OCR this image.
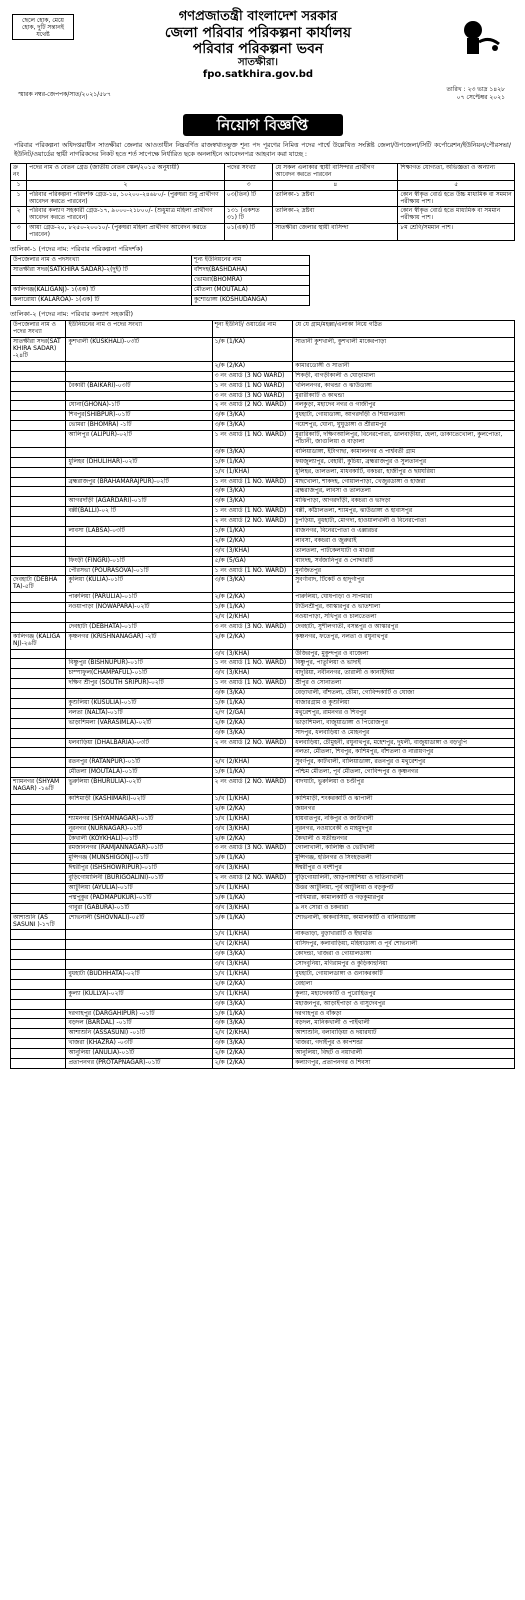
ছেলে হোক, মেয়ে হোক, দুটি সন্তানই যথেষ্ট
গণপ্রজাতন্ত্রী বাংলাদেশ সরকার
জেলা পরিবার পরিকল্পনা কার্যালয়
পরিবার পরিকল্পনা ভবন
সাতক্ষীরা।
fpo.satkhira.gov.bd
স্মারক নম্বর-জেপপক/সাত/২০২১/৫৮৭
তারিখ : ২৩ ভাদ্র ১৪২৮
০৭ সেপ্টেম্বর ২০২১
নিয়োগ বিজ্ঞপ্তি
পরিবার পরিকল্পনা অধিদপ্তরাধীন সাতক্ষীরা জেলার আওতাধীন নিম্নবর্ণিত রাজস্বখাতভুক্ত শূন্য পদ পূরণের নিমিত্ত পদের পার্শ্বে উল্লেখিত সংশ্লিষ্ট জেলা/উপজেলা/সিটি কর্পোরেশন/ইউনিয়ন/পৌরসভা/ইউনিট/ওয়ার্ডের স্থায়ী নাগরিকদের নিকট হতে শর্ত সাপেক্ষে নির্ধারিত ছকে অনলাইনে আবেদনপত্র আহবান করা যাচ্ছে :
ক্র নং	পদের নাম ও বেতন গ্রেড (জাতীয় বেতন স্কেল/২০১৫ অনুযায়ী)	পদের সংখ্যা	যে সকল এলাকার স্থায়ী বাসিন্দার প্রার্থীগণ আবেদন করতে পারবেন	শিক্ষাগত যোগ্যতা, অভিজ্ঞতা ও অন্যান্য
১	২	৩	৪	৫
১	পরিবার পরিকল্পনা পরিদর্শক গ্রেড-১৪, ১০২০০-২৪৬৮০/- (পুরুষরা শুধু প্রার্থীগণ আবেদন করতে পারবেন)	০৩(তিন) টি	তালিকা-১ দ্রষ্টব্য	কোন স্বীকৃত বোর্ড হতে উচ্চ মাধ্যমিক বা সমমান পরীক্ষায় পাশ।
২	পরিবার কল্যাণ সহকারী গ্রেড-১৭, ৯০০০-২১৮০০/- (শুধুমাত্র মহিলা প্রার্থীগণ আবেদন করতে পারবেন)	১৩১ (একশত ৩১) টি	তালিকা-২ দ্রষ্টব্য	কোন স্বীকৃত বোর্ড হতে মাধ্যমিক বা সমমান পরীক্ষায় পাশ।
৩	আয়া গ্রেড-২০, ৮২৫০-২০০১০/- (পুরুষরা মহিলা প্রার্থীগণ আবেদন করতে পারবেন)	০১(এক) টি	সাতক্ষীরা জেলার স্থায়ী বাসিন্দা	৮ম শ্রেণি/সমমান পাশ।
তালিকা-১ (পদের নাম: পরিবার পরিকল্পনা পরিদর্শক)
উপজেলার নাম ও পদসংখ্যা	শূন্য ইউনিয়নের নাম
সাতক্ষীরা সদর(SATKHIRA SADAR)-২(দুই) টি	বাঁশদহ(BASHDAHA)
	ভোমরা(BHOMRA)
কালিগঞ্জ(KALIGANJ)- ১(এক) টি	মৌতলা (MOUTALA)
কলারোয়া (KALAROA)- ১(এক) টি	কুশোডাঙ্গা (KOSHUDANGA)
তালিকা-২ (পদের নাম: পরিবার কল্যাণ সহকারী)
উপজেলার নাম ও পদের সংখ্যা	ইউনিয়নের নাম ও পদের সংখ্যা	শূন্য ইউনিট/ ওয়ার্ডের নাম	যে যে গ্রাম/মহল্লা/এলাকা নিয়ে গঠিত
সাতক্ষীরা সদর(SAT KHIRA SADAR) -২৪টি	কুশখালী (KUSKHALI)-০৩টি	১/ক (1/KA)	সাতানী কুশখালী, কুশখালী মাকেরপাড়া
		২/ক (2/KA)	কামারডোঙ্গী ও সাতানী
		৩ নং ওয়ার্ড (3 NO WARD)	শিকড়ী, বাগড়ীকালী ও ঘোড়ামালা
	বৈকারী (BAIKARI)-০৩টি	১ নং ওয়ার্ড (1 NO WARD)	খলিলনগর, কাথন্ডা ও ঝাউডাঙ্গা
		৩ নং ওয়ার্ড (3 NO WARD)	মুরারীকাটি ও কাথন্ডা
	ঘোনা(GHONA)-১টি	২ নং ওয়ার্ড (2 NO. WARD)	নলকুড়া, মহাদেব নগর ও গাজীপুর
	শিবপুর(SHIBPUR)-০১টি	৩/ক (3/KA)	বুধহাটা, গোয়াডাঙ্গা, আগরদাঁড়ী ও শিয়ালডাঙ্গা
	ভোমরা (BHOMRA) -১টি	৩/ক (3/KA)	গয়েশপুর, ঘোনা, ঘুঘুডাঙ্গা ও শ্রীরামপুর
	আলিপুর (ALIPUR)-০২টি	১ নং ওয়ার্ড (1 NO. WARD)	মুরারিকাটি, দক্ষিণআলিপুর, বিনেরপোতা, ডালবাড়ীয়া, হেলা, ডাকাতেখোলা, কুলপোতা, পাঁচানী, জাগুলিয়া ও বাড়ালা
		৩/ক (3/KA)	বালিয়াডাঙ্গা, ইটাগাছা, কামালনগর ও পার্শ্ববর্তী গ্রাম
	ধুলিহর (DHULIHAR)-০২টি	১/ক (1/KA)	ফয়জুল্যাপুর, বেহারী, কুচিয়া, ব্রহ্মরাজপুর ও সুলতানপুর
		১/খ (1/KHA)	ধুলিহর, তালতলা, মাধবকাটি, বকচরা, হাজীপুর ও ছয়ঘরিয়া
	ব্রহ্মরাজপুর (BRAHAMARAJPUR)-০২টি	১ নং ওয়ার্ড (1 NO. WARD)	মাছখোলা, শাকদহ, গোয়ালপাড়া, খেজুরডাঙ্গা ও হাজরা
		৩/ক (3/KA)	ব্রহ্মরাজপুর, লাবসা ও তালতলা
	আগরদাঁড়ী (AGARDARI)-০১টি	৩/ক (3/KA)	মাঝিপাড়া, আগরদাঁড়ী, বকচরা ও ভাদড়া
	বল্লী(BALLI)-০২ টি	১ নং ওয়ার্ড (1 NO. WARD)	বল্লী, কাঁঠালতলা, শ্যামপুর, ঝাউডাঙ্গা ও হাবাসপুর
		২ নং ওয়ার্ড (2 NO. WARD)	চুপড়িয়া, বুধহাটা, মোগদা, হাওয়ালখালী ও বিনেরপোতা
	লাবসা (LABSA)-০৩টি	১/ক (1/KA)	রাজনগর, বিনেরপোতা ও এল্লারচর
		২/ক (2/KA)	লাবসা, বকচরা ও জুরুরাই
		৩/খ (3/KHA)	তালতলা, পাটকেলঘাটা ও মাগুরা
	ফিংড়ী (FINGRI)-০১টি	৫/ক (5/GA)	ব্যাংদহ, সর্বজানিপুর ও পোদ্দারটি
	পৌরসভা (POURASOVA)-০১টি	১ নং ওয়ার্ড (1 NO. WARD)	মুনজিতপুর
দেবহাটা (DEBHA TA)-৫টি	কুলিয়া (KULIA)-০১টি	৩/ক (3/KA)	সুবর্ণাবাদ, টিকেট ও হাদুর্গাপুর
	পারুলিয়া (PARULIA)-০১টি	২/ক (2/KA)	পারুলিয়া, ঘোষপাড়া ও সাপমারা
	নওয়াপাড়া (NOWAPARA)-০২টি	১/ক (1/KA)	টাউনশ্রীপুর, আস্কারপুর ও ভাতশালা
		২/খ (2/KHA)	নওয়াপাড়া, সখিপুর ও চালতেতলা
	দেবহাটা (DEBHATA)-০১টি	৩ নং ওয়ার্ড (3 NO. WARD)	দেবহাটা, সুশীলগাতী, বসন্তপুর ও আস্কারপুর
কালিগঞ্জ (KALIGA NJ)-২৬টি	কৃষ্ণনগর (KRISHNANAGAR) -২টি	২/ক (2/KA)	কৃষ্ণনগর, ফতেপুর, নলতা ও রঘুনাথপুর
		৩/খ (3/KHA)	উজিরপুর, মুকুন্দপুর ও বাজেলা
	বিষ্ণুপুর (BISHNUPUR)-০১টি	১ নং ওয়ার্ড (1 NO. WARD)	বিষ্ণুপুর, পাতুলিয়া ও ভাদাই
	চাম্পাফুল(CHAMPAFUL)-০১টি	৩/খ (3/KHA)	বাদুরিয়া, নবীননগর, তারালী ও কানাইদিয়া
	দক্ষিণ শ্রীপুর (SOUTH SRIPUR)-০২টি	১ নং ওয়ার্ড (1 NO. WARD)	শ্রীপুর ও সোনাতলা
		৩/ক (3/KA)	বেড়াখালী, বাঁশতলা, চৌমা, গোবিন্দকাটি ও ঘোজা
	কুশুলিয়া (KUSULIA)-০১টি	১/ক (1/KA)	বাজারগ্রাম ও কুশুলিয়া
	নলতা (NALTA)-০১টি	২/গ (2/GA)	মথুরেশপুর, রামনগর ও শিবপুর
	ভাড়াশিমলা (VARASIMLA)-০২টি	২/ক (2/KA)	ভাড়াশিমলা, বাজুয়াডাঙ্গা ও পিরোজপুর
		৩/ক (3/KA)	সাদপুর, ধলবাড়িয়া ও মোহনপুর
	ধলবাড়িয়া (DHALBARIA)-০৩টি	২ নং ওয়ার্ড (2 NO. WARD)	ধলবাড়িয়া, চৌমুহনী, রঘুনাথপুর, মহেশপুর, দুধলী, বাজুয়াডাঙ্গা ও বড়খুপি
			নলতা, মৌতলা, শিবপুর, কাশিমপুর, বাঁশতলা ও নারায়ণপুর
	রতনপুর (RATANPUR)-০১টি	২/খ (2/KHA)	সুবর্ণপুর, কাটখালী, বালিয়াডাঙ্গা, রতনপুর ও মথুরেশপুর
	মৌতলা (MOUTALA)-০১টি	১/ক (1/KA)	পশ্চিম মৌতলা, পূর্ব মৌতলা, গোবিন্দপুর ও কৃষ্ণনগর
শ্যামনগর (SHYAM NAGAR) -১৬টি	ভুরুলিয়া (BHURULIA)-০২টি	২ নং ওয়ার্ড (2 NO. WARD)	বাদঘাটা, ভুরুলিয়া ও চণ্ডীপুর
	কাশিমাড়ী (KASHIMARI)-০২টি	১/খ (1/KHA)	কাশিমাড়ী, শংকরকাটি ও ঝাপালী
		২/ক (2/KA)	জয়নগর
	শ্যামনগর (SHYAMNAGAR)-০১টি	১/খ (1/KHA)	হায়বাতপুর, নকিপুর ও জাউখালী
	নূরনগর (NURNAGAR)-০১টি	৩/খ (3/KHA)	নূরনগর, নওয়াবেকী ও মাহমুদপুর
	কৈখালী (KOYKHALI)-০১টি	২/ক (2/KA)	কৈখালী ও যতীন্দ্রনগর
	রমজাননগর (RAMJANNAGAR)-০১টি	৩ নং ওয়ার্ড (3 NO. WARD)	গোলাখালী, কালিঞ্চি ও ভেটখালী
	মুন্সিগঞ্জ (MUNSHIGONJ)-০১টি	১/ক (1/KA)	মুন্সিগঞ্জ, হরিনগর ও সিংহড়তলী
	ঈশ্বরীপুর (ISHSHOWRIPUR)-০১টি	৩/খ (3/KHA)	ঈশ্বরীপুর ও বংশীপুর
	বুড়িগোয়ালিনী (BURIGOALINI)-০১টি	২ নং ওয়ার্ড (2 NO. WARD)	বুড়িগোয়ালিনী, আড়পাঙ্গাশিয়া ও দাতিনাখালী
	আটুলিয়া (AYULIA)-০১টি	১/খ (1/KHA)	উত্তর আটুলিয়া, পূর্ব আটুলিয়া ও বড়কুপট
	পদ্মপুকুর (PADMAPUKUR)-০১টি	১/ক (1/KA)	পাখিমারা, কামালকাটি ও গড়কুমারপুর
	গাবুরা (GABURA)-০১টি	৩/খ (3/KHA)	৯ নং সোরা ও চকবারা
আশাশুনি (AS SASUNI )-১৭টি	শোভনালী (SHOVNALI)-০৫টি	১/ক (1/KA)	শোভনালী, কাকবাসিয়া, কামালকাটি ও বালিয়াডাঙ্গা
		১/খ (1/KHA)	নাকতাড়া, বুড়াখারাটি ও ইছামতি
		২/খ (2/KHA)	বাসিদপুর, কলাবাড়িয়া, মহিষাডাঙ্গা ও পূর্ব শোভনালী
		৩/ক (3/KA)	কোদন্ডা, খাজরা ও গোয়ালডাঙ্গা
		৩/খ (3/KHA)	সোদবুনিয়া, মণিরামপুর ও কুড়িকাহুনিয়া
	বুধহাটা (BUDHHATA)-০২টি	১/খ (1/KHA)	বুধহাটা, গোয়ালডাঙ্গা ও গুনাকরকাটি
		২/ক (2/KA)	বেহালা
	কুল্যা (KULLYA)-০২টি	১/খ (1/KHA)	কুল্যা, মহাদেবকাটি ও পুরোহিতপুর
		৩/ক (3/KA)	মহাজনপুর, আড়াইপাড়া ও বাসুদেবপুর
	দরগাহপুর (DARGAHIPUR) -০১টি	১/ক (1/KA)	দরগাহপুর ও বাঁকড়া
	বড়দল (BARDAL) -০১টি	৩/ক (3/KA)	বড়দল, মানিকখালী ও পাইথালী
	আশাশুনি (ASSASUNI) -০১টি	২/খ (2/KHA)	আশাশুনি, বলাবাড়িয়া ও দয়ারঘাট
	খাজরা (KHAZRA) -০৩টি	৩/ক (3/KA)	খাজরা, গদাইপুর ও কাপশন্ডা
	আনুলিয়া (ANULIA)-০১টি	২/ক (2/KA)	আনুলিয়া, বিছট ও নয়াখালী
	প্রতাপনগর (PROTAPNAGAR)-০১টি	২/ক (2/KA)	কল্যাণপুর, প্রতাপনগর ও শিবসা
